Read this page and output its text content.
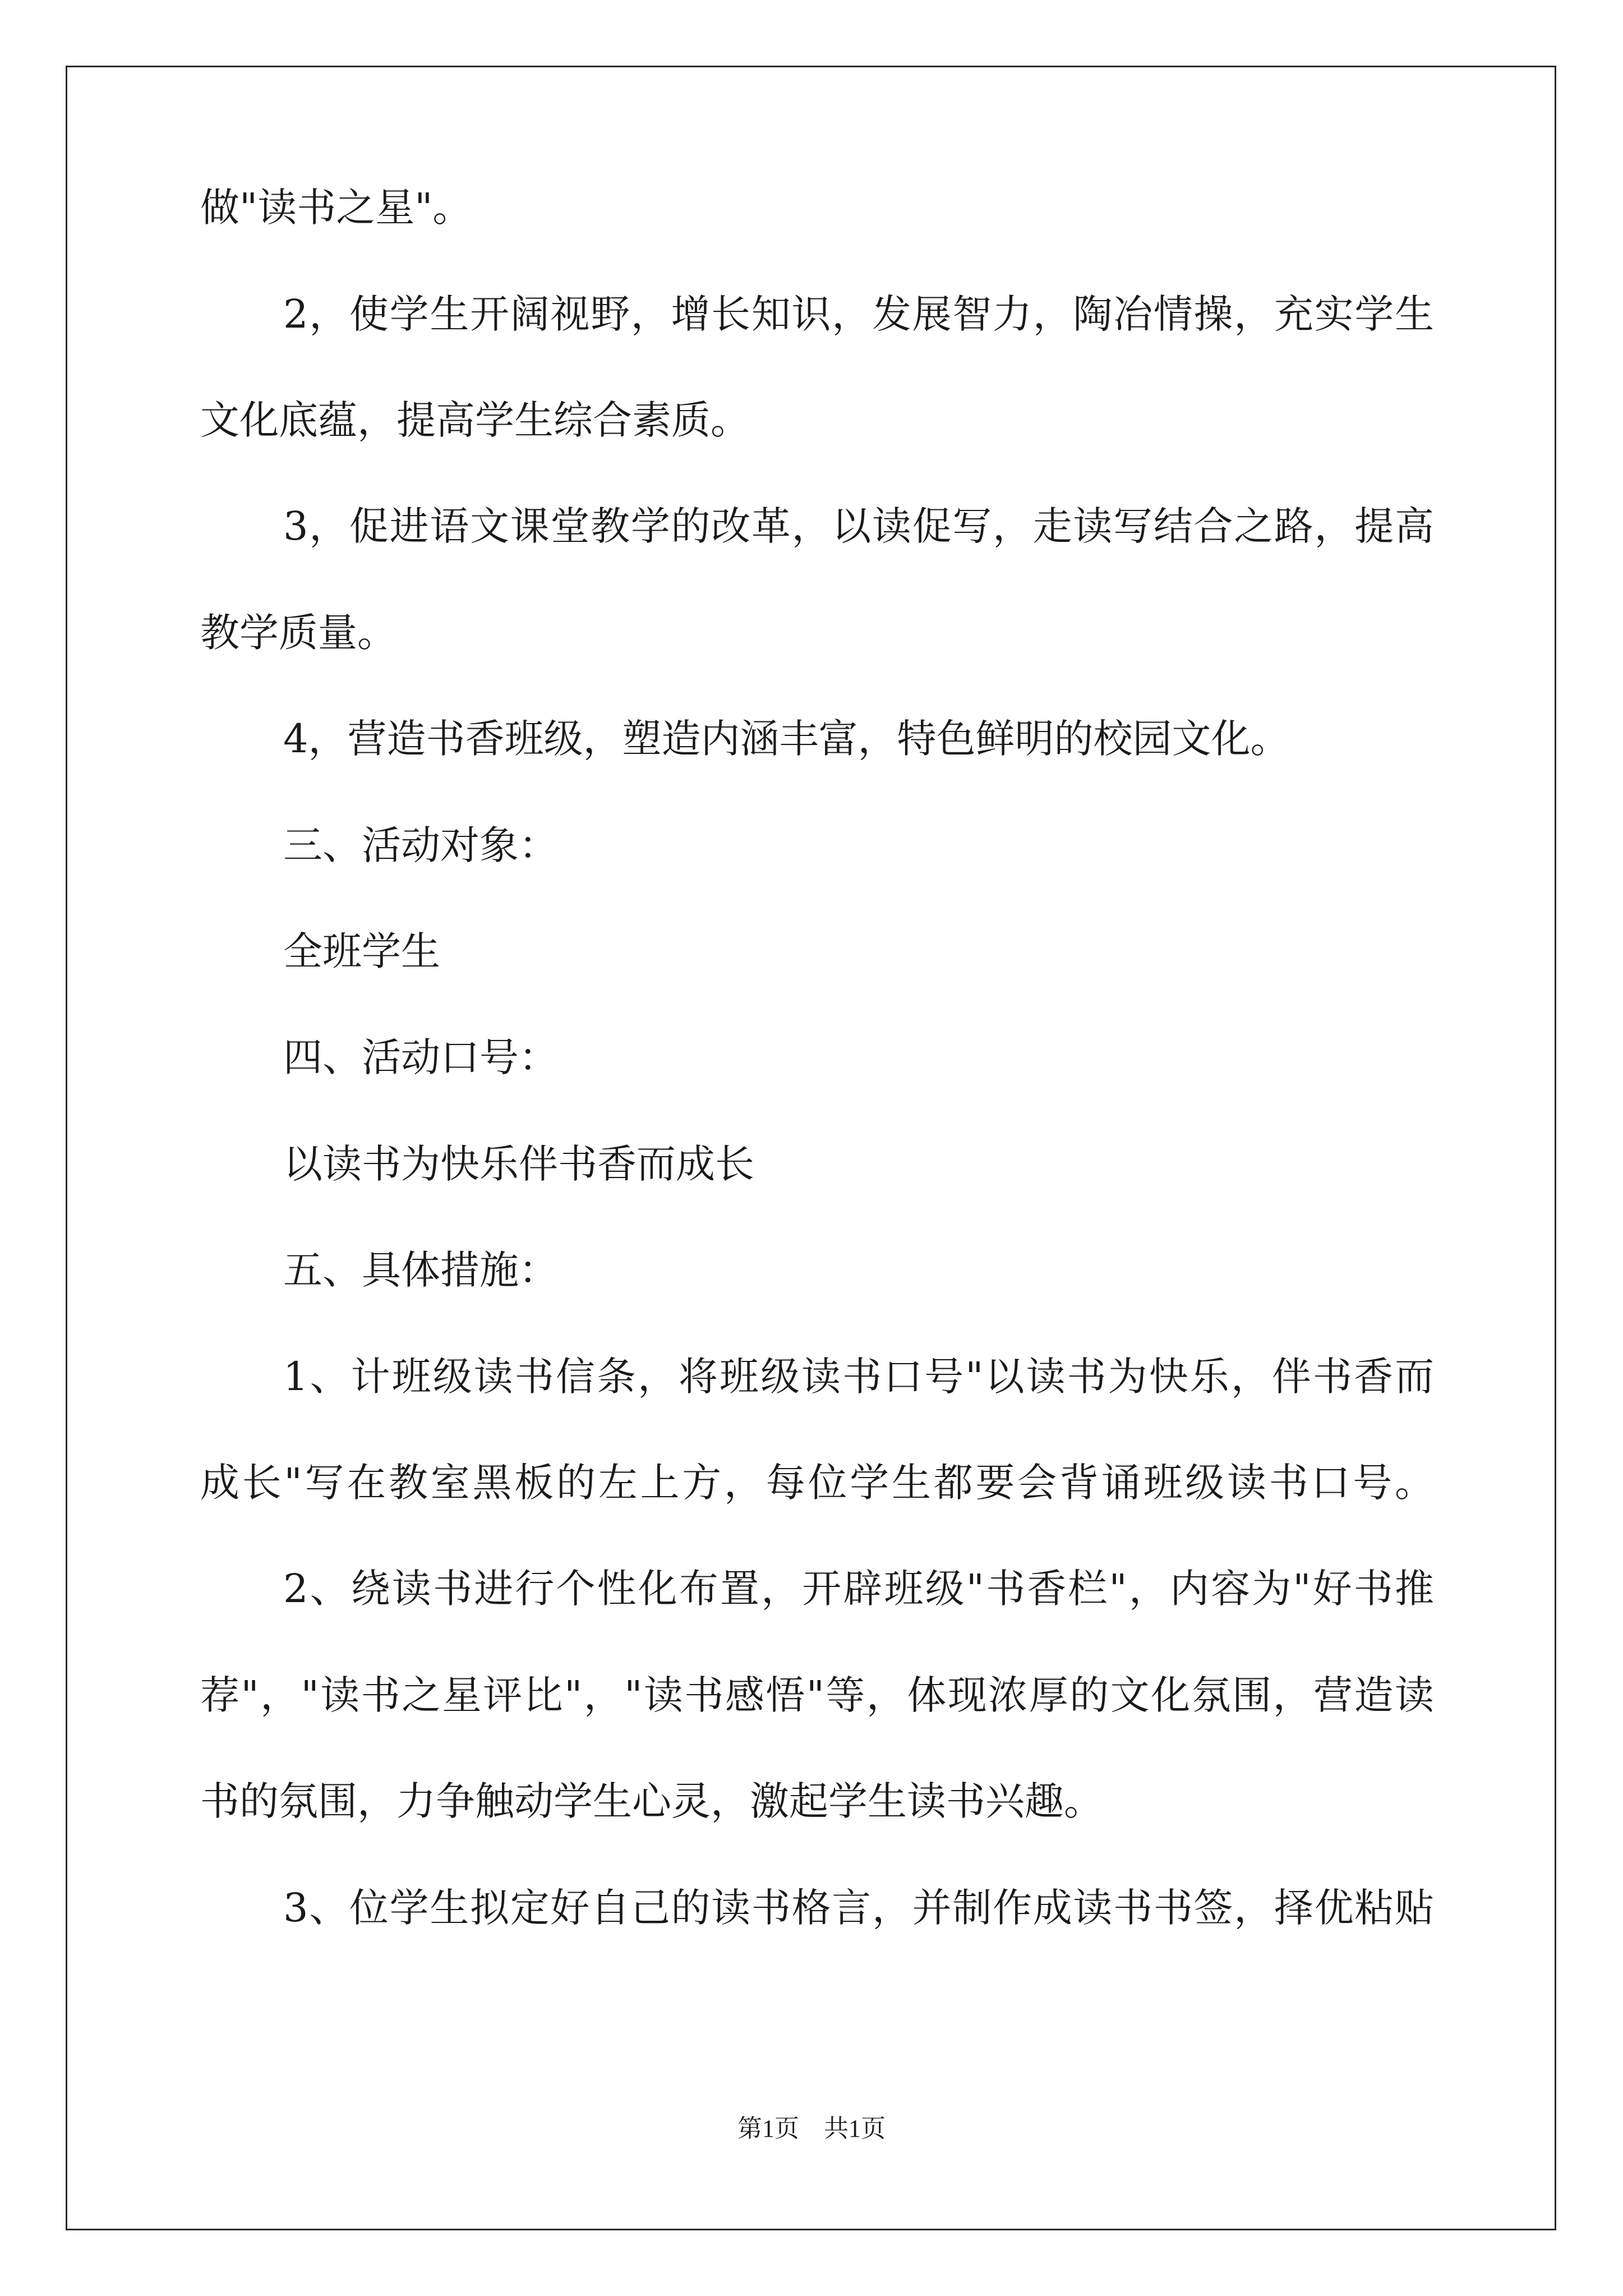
做"读书之星"。
2，使学生开阔视野，增长知识，发展智力，陶冶情操，充实学生
文化底蕴，提高学生综合素质。
3，促进语文课堂教学的改革，以读促写，走读写结合之路，提高
教学质量。
4，营造书香班级，塑造内涵丰富，特色鲜明的校园文化。
三、活动对象：
全班学生
四、活动口号：
以读书为快乐伴书香而成长
五、具体措施：
1、计班级读书信条，将班级读书口号"以读书为快乐，伴书香而
成长"写在教室黑板的左上方，每位学生都要会背诵班级读书口号。
2、绕读书进行个性化布置，开辟班级"书香栏"，内容为"好书推
荐"，"读书之星评比"，"读书感悟"等，体现浓厚的文化氛围，营造读
书的氛围，力争触动学生心灵，激起学生读书兴趣。
3、位学生拟定好自己的读书格言，并制作成读书书签，择优粘贴
第1页 共1页
